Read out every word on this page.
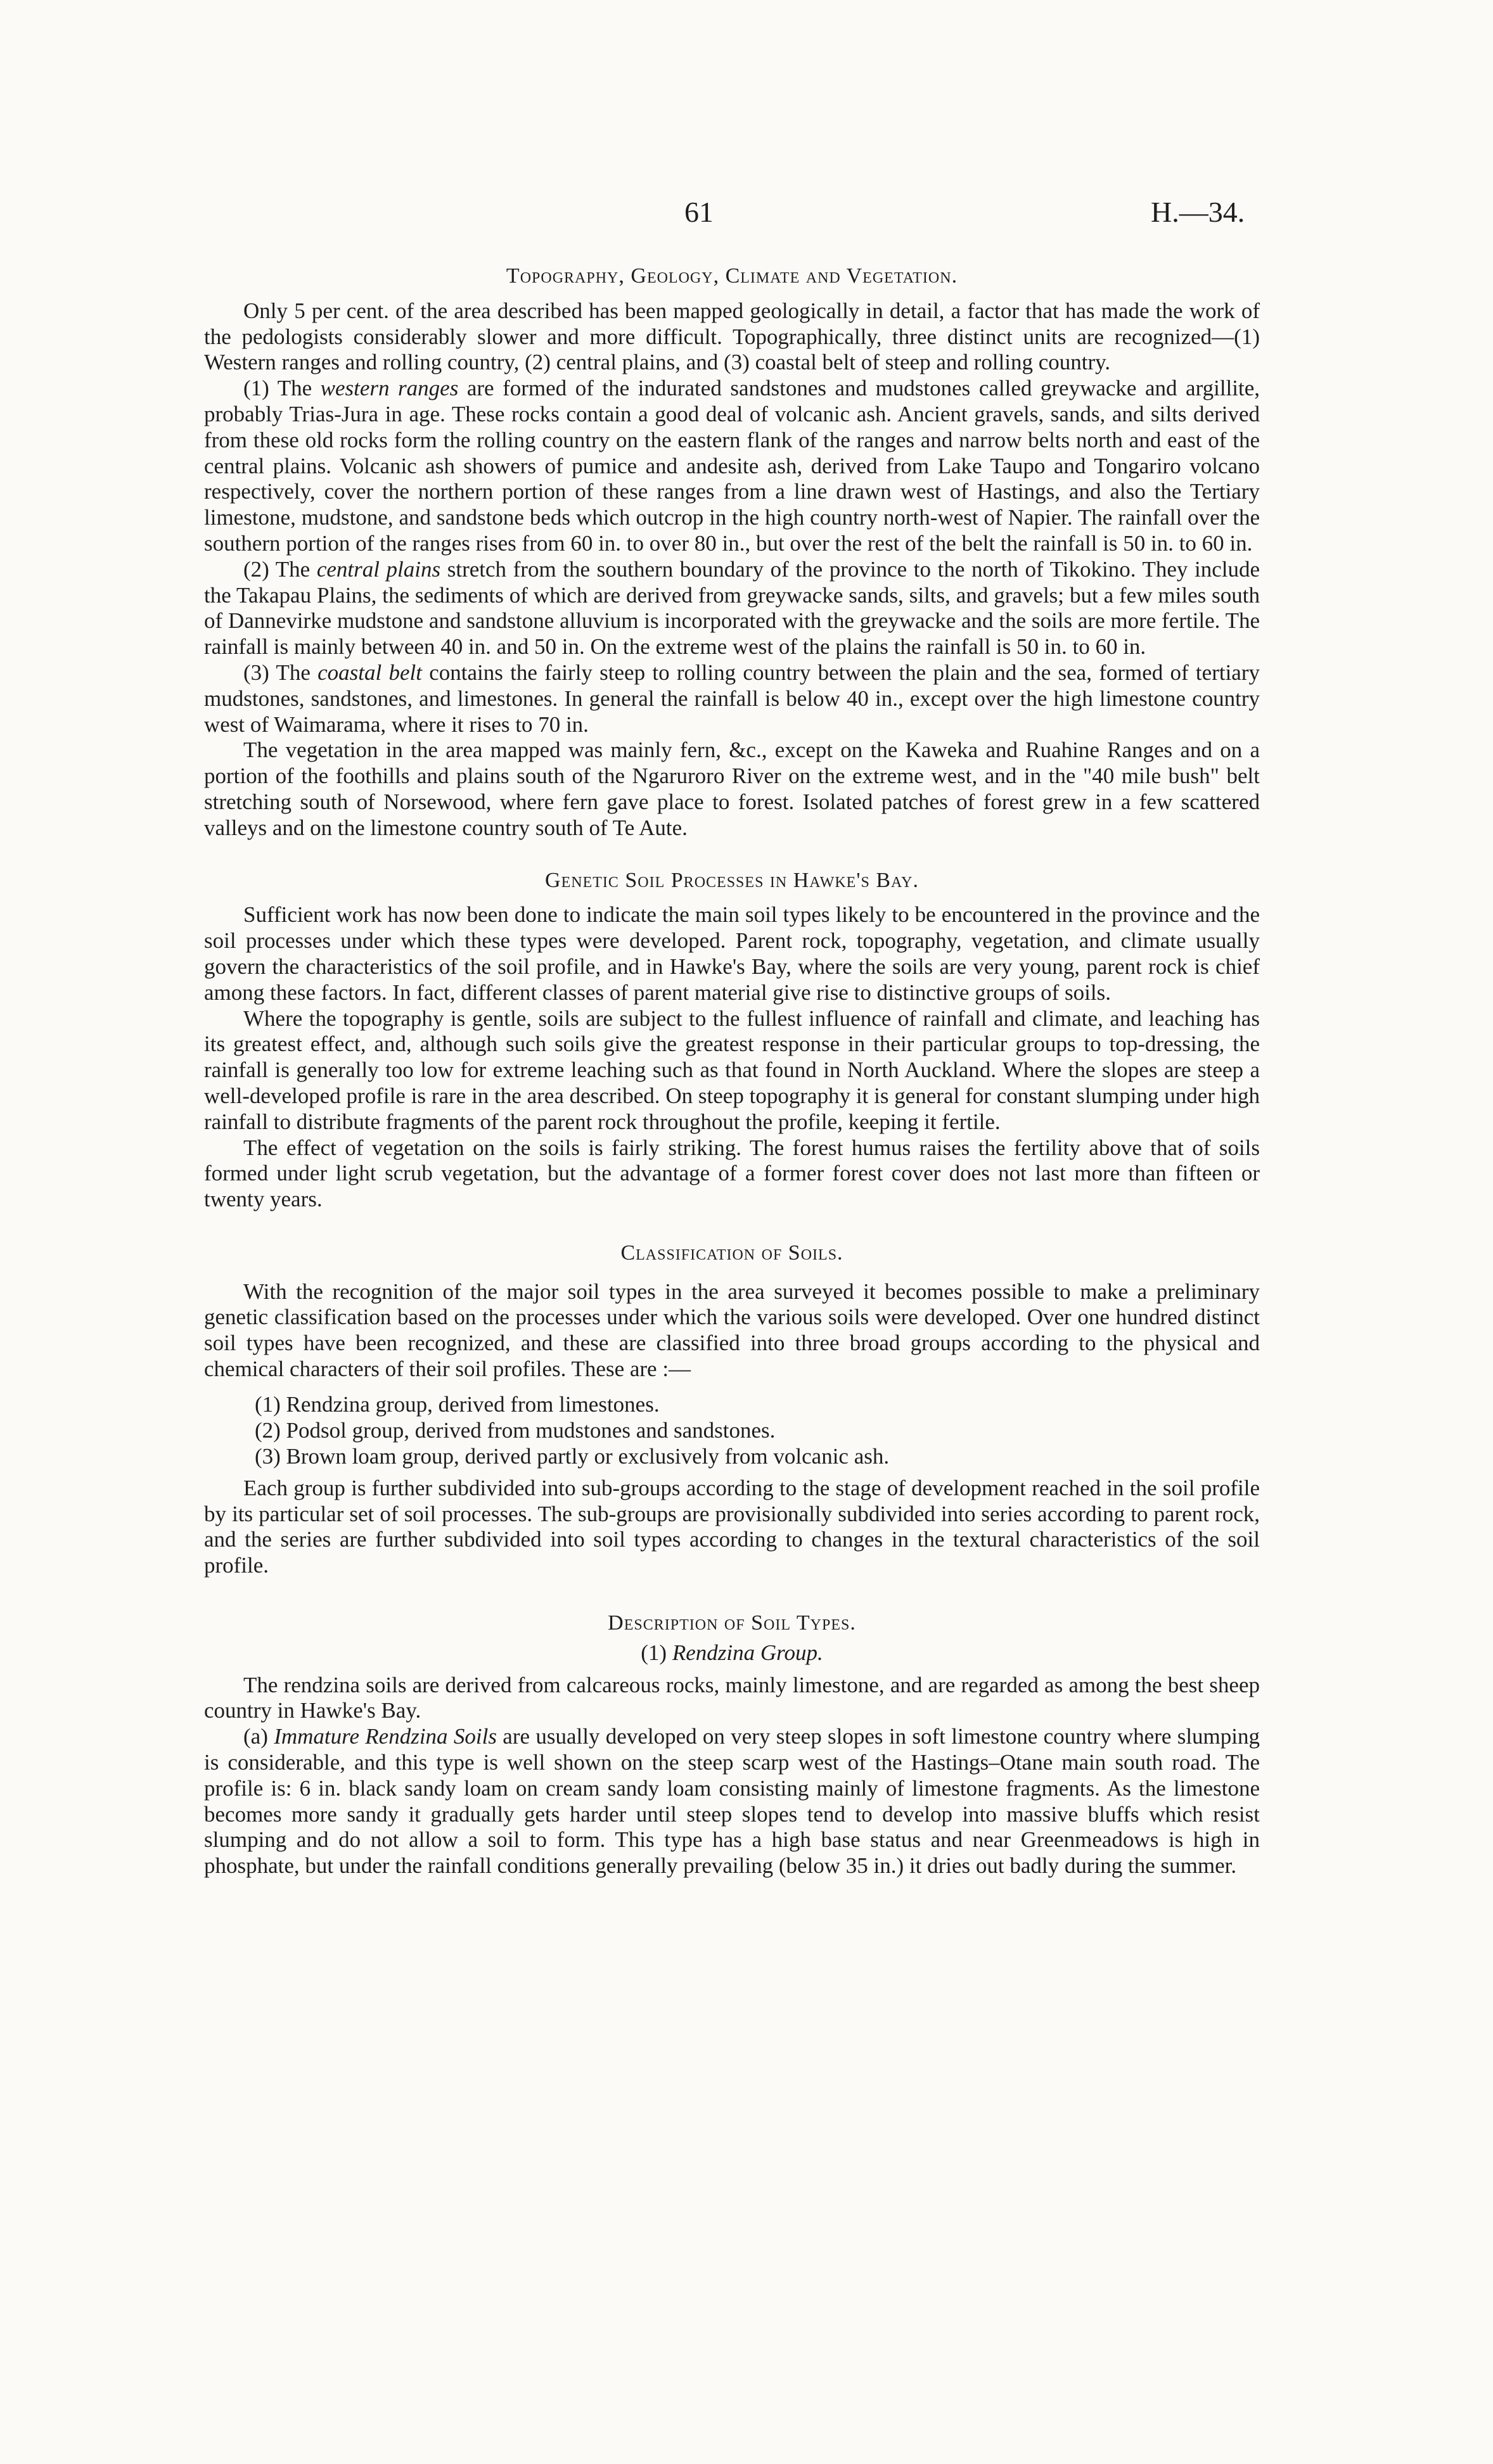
61	H.—34.
Topography, Geology, Climate and Vegetation.

Only 5 per cent. of the area described has been mapped geologically in detail, a factor that has made the work of the pedologists considerably slower and more difficult. Topographically, three distinct units are recognized—(1) Western ranges and rolling country, (2) central plains, and (3) coastal belt of steep and rolling country.

(1) The western ranges are formed of the indurated sandstones and mudstones called greywacke and argillite, probably Trias-Jura in age. These rocks contain a good deal of volcanic ash. Ancient gravels, sands, and silts derived from these old rocks form the rolling country on the eastern flank of the ranges and narrow belts north and east of the central plains. Volcanic ash showers of pumice and andesite ash, derived from Lake Taupo and Tongariro volcano respectively, cover the northern portion of these ranges from a line drawn west of Hastings, and also the Tertiary limestone, mudstone, and sandstone beds which outcrop in the high country north-west of Napier. The rainfall over the southern portion of the ranges rises from 60 in. to over 80 in., but over the rest of the belt the rainfall is 50 in. to 60 in.

(2) The central plains stretch from the southern boundary of the province to the north of Tikokino. They include the Takapau Plains, the sediments of which are derived from greywacke sands, silts, and gravels; but a few miles south of Dannevirke mudstone and sandstone alluvium is incorporated with the greywacke and the soils are more fertile. The rainfall is mainly between 40 in. and 50 in. On the extreme west of the plains the rainfall is 50 in. to 60 in.

(3) The coastal belt contains the fairly steep to rolling country between the plain and the sea, formed of tertiary mudstones, sandstones, and limestones. In general the rainfall is below 40 in., except over the high limestone country west of Waimarama, where it rises to 70 in.

The vegetation in the area mapped was mainly fern, &c., except on the Kaweka and Ruahine Ranges and on a portion of the foothills and plains south of the Ngaruroro River on the extreme west, and in the "40 mile bush" belt stretching south of Norsewood, where fern gave place to forest. Isolated patches of forest grew in a few scattered valleys and on the limestone country south of Te Aute.

Genetic Soil Processes in Hawke's Bay.

Sufficient work has now been done to indicate the main soil types likely to be encountered in the province and the soil processes under which these types were developed. Parent rock, topography, vegetation, and climate usually govern the characteristics of the soil profile, and in Hawke's Bay, where the soils are very young, parent rock is chief among these factors. In fact, different classes of parent material give rise to distinctive groups of soils.

Where the topography is gentle, soils are subject to the fullest influence of rainfall and climate, and leaching has its greatest effect, and, although such soils give the greatest response in their particular groups to top-dressing, the rainfall is generally too low for extreme leaching such as that found in North Auckland. Where the slopes are steep a well-developed profile is rare in the area described. On steep topography it is general for constant slumping under high rainfall to distribute fragments of the parent rock throughout the profile, keeping it fertile.

The effect of vegetation on the soils is fairly striking. The forest humus raises the fertility above that of soils formed under light scrub vegetation, but the advantage of a former forest cover does not last more than fifteen or twenty years.

Classification of Soils.

With the recognition of the major soil types in the area surveyed it becomes possible to make a preliminary genetic classification based on the processes under which the various soils were developed. Over one hundred distinct soil types have been recognized, and these are classified into three broad groups according to the physical and chemical characters of their soil profiles. These are :—

(1) Rendzina group, derived from limestones.
(2) Podsol group, derived from mudstones and sandstones.
(3) Brown loam group, derived partly or exclusively from volcanic ash.

Each group is further subdivided into sub-groups according to the stage of development reached in the soil profile by its particular set of soil processes. The sub-groups are provisionally subdivided into series according to parent rock, and the series are further subdivided into soil types according to changes in the textural characteristics of the soil profile.

Description of Soil Types.
(1) Rendzina Group.

The rendzina soils are derived from calcareous rocks, mainly limestone, and are regarded as among the best sheep country in Hawke's Bay.

(a) Immature Rendzina Soils are usually developed on very steep slopes in soft limestone country where slumping is considerable, and this type is well shown on the steep scarp west of the Hastings–Otane main south road. The profile is: 6 in. black sandy loam on cream sandy loam consisting mainly of limestone fragments. As the limestone becomes more sandy it gradually gets harder until steep slopes tend to develop into massive bluffs which resist slumping and do not allow a soil to form. This type has a high base status and near Greenmeadows is high in phosphate, but under the rainfall conditions generally prevailing (below 35 in.) it dries out badly during the summer.
